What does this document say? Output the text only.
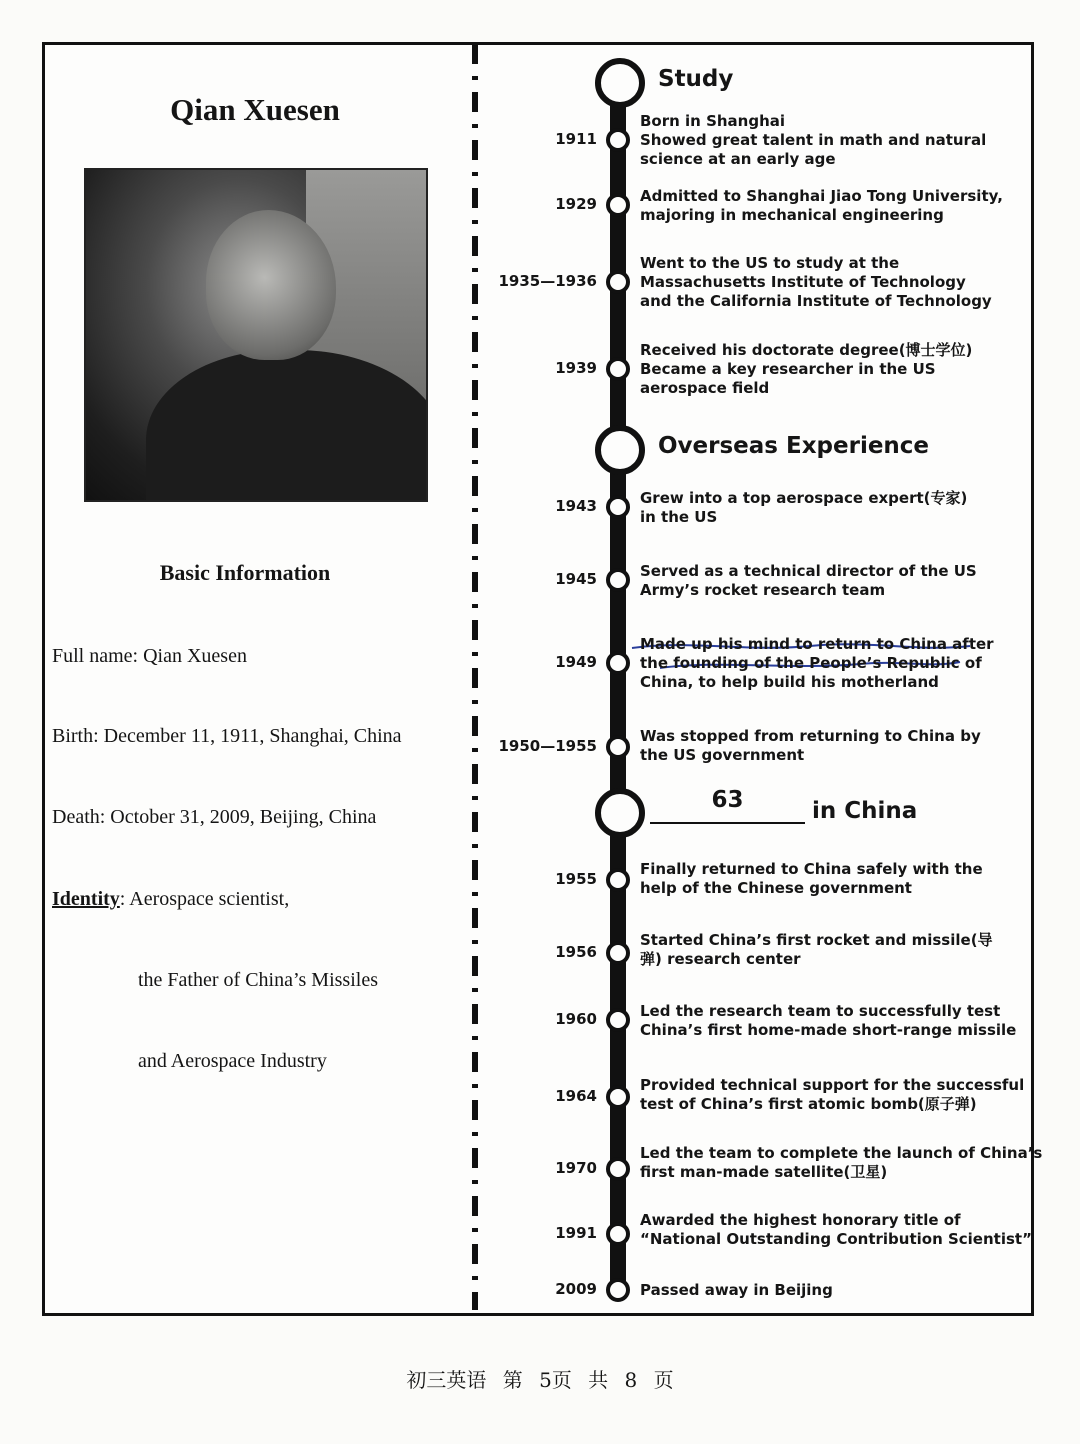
Qian Xuesen
Basic Information
Full name: Qian Xuesen
Birth: December 11, 1911, Shanghai, China
Death: October 31, 2009, Beijing, China
Identity: Aerospace scientist,
the Father of China’s Missiles
and Aerospace Industry
Study
Overseas Experience
63	in China
1911

Born in Shanghai

Showed great talent in math and natural

science at an early age

1929	Admitted to Shanghai Jiao Tong University,

majoring in mechanical engineering

1935—1936

Went to the US to study at the

Massachusetts Institute of Technology

and the California Institute of Technology

1939

Received his doctorate degree(博士学位)

Became a key researcher in the US

aerospace field

1943	Grew into a top aerospace expert(专家)

in the US

1945	Served as a technical director of the US

Army’s rocket research team

1949

Made up his mind to return to China after

the founding of the People’s Republic of

China, to help build his motherland

1950—1955

Was stopped from returning to China by

the US government

1955

Finally returned to China safely with the

help of the Chinese government

1956

Started China’s first rocket and missile(导

弹) research center

1960	Led the research team to successfully test

China’s first home-made short-range missile

1964

Provided technical support for the successful

test of China’s first atomic bomb(原子弹)

1970

Led the team to complete the launch of China’s

first man-made satellite(卫星)

1991

Awarded the highest honorary title of

“National Outstanding Contribution Scientist”

2009	Passed away in Beijing

初三英语 第 5页 共 8 页
